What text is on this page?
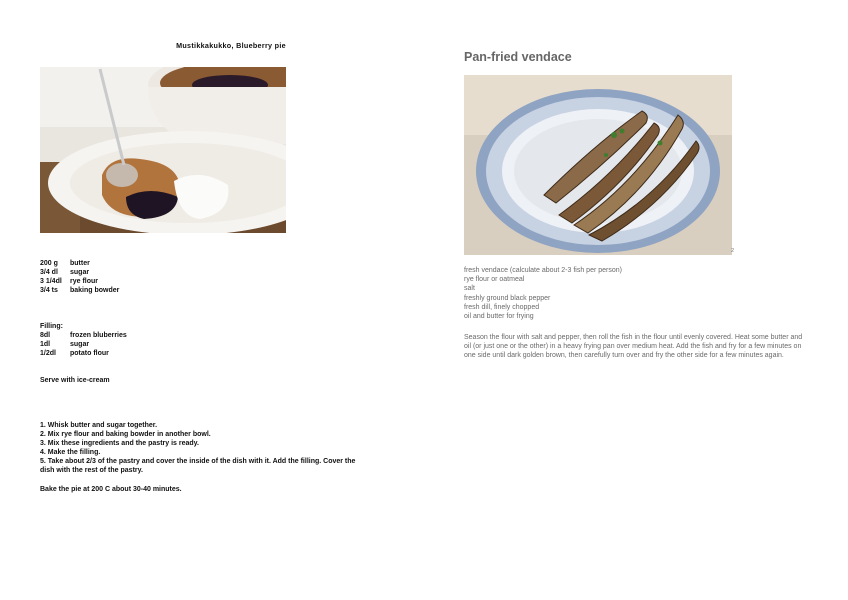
Mustikkakukko, Blueberry pie
200 g	butter
3/4 dl	sugar
3 1/4dl	rye flour
3/4 ts	baking bowder
Filling:
8dl	frozen bluberries
1dl	sugar
1/2dl	potato flour
Serve with ice-cream
1. Whisk butter and sugar together.
2. Mix rye flour and baking bowder in another bowl.
3. Mix these ingredients and the pastry is ready.
4. Make the filling.
5. Take about 2/3 of the pastry and cover the inside of the dish with it. Add the filling. Cover the dish with the rest of the pastry.
Bake the pie at 200 C about 30-40 minutes.
Pan-fried vendace
2
fresh vendace (calculate about 2-3 fish per person)
rye flour or oatmeal
salt
freshly ground black pepper
fresh dill, finely chopped
oil and butter for frying
Season the flour with salt and pepper, then roll the fish in the flour until evenly covered. Heat some butter and oil (or just one or the other) in a heavy frying pan over medium heat. Add the fish and fry for a few minutes on one side until dark golden brown, then carefully turn over and fry the other side for a few minutes again.
